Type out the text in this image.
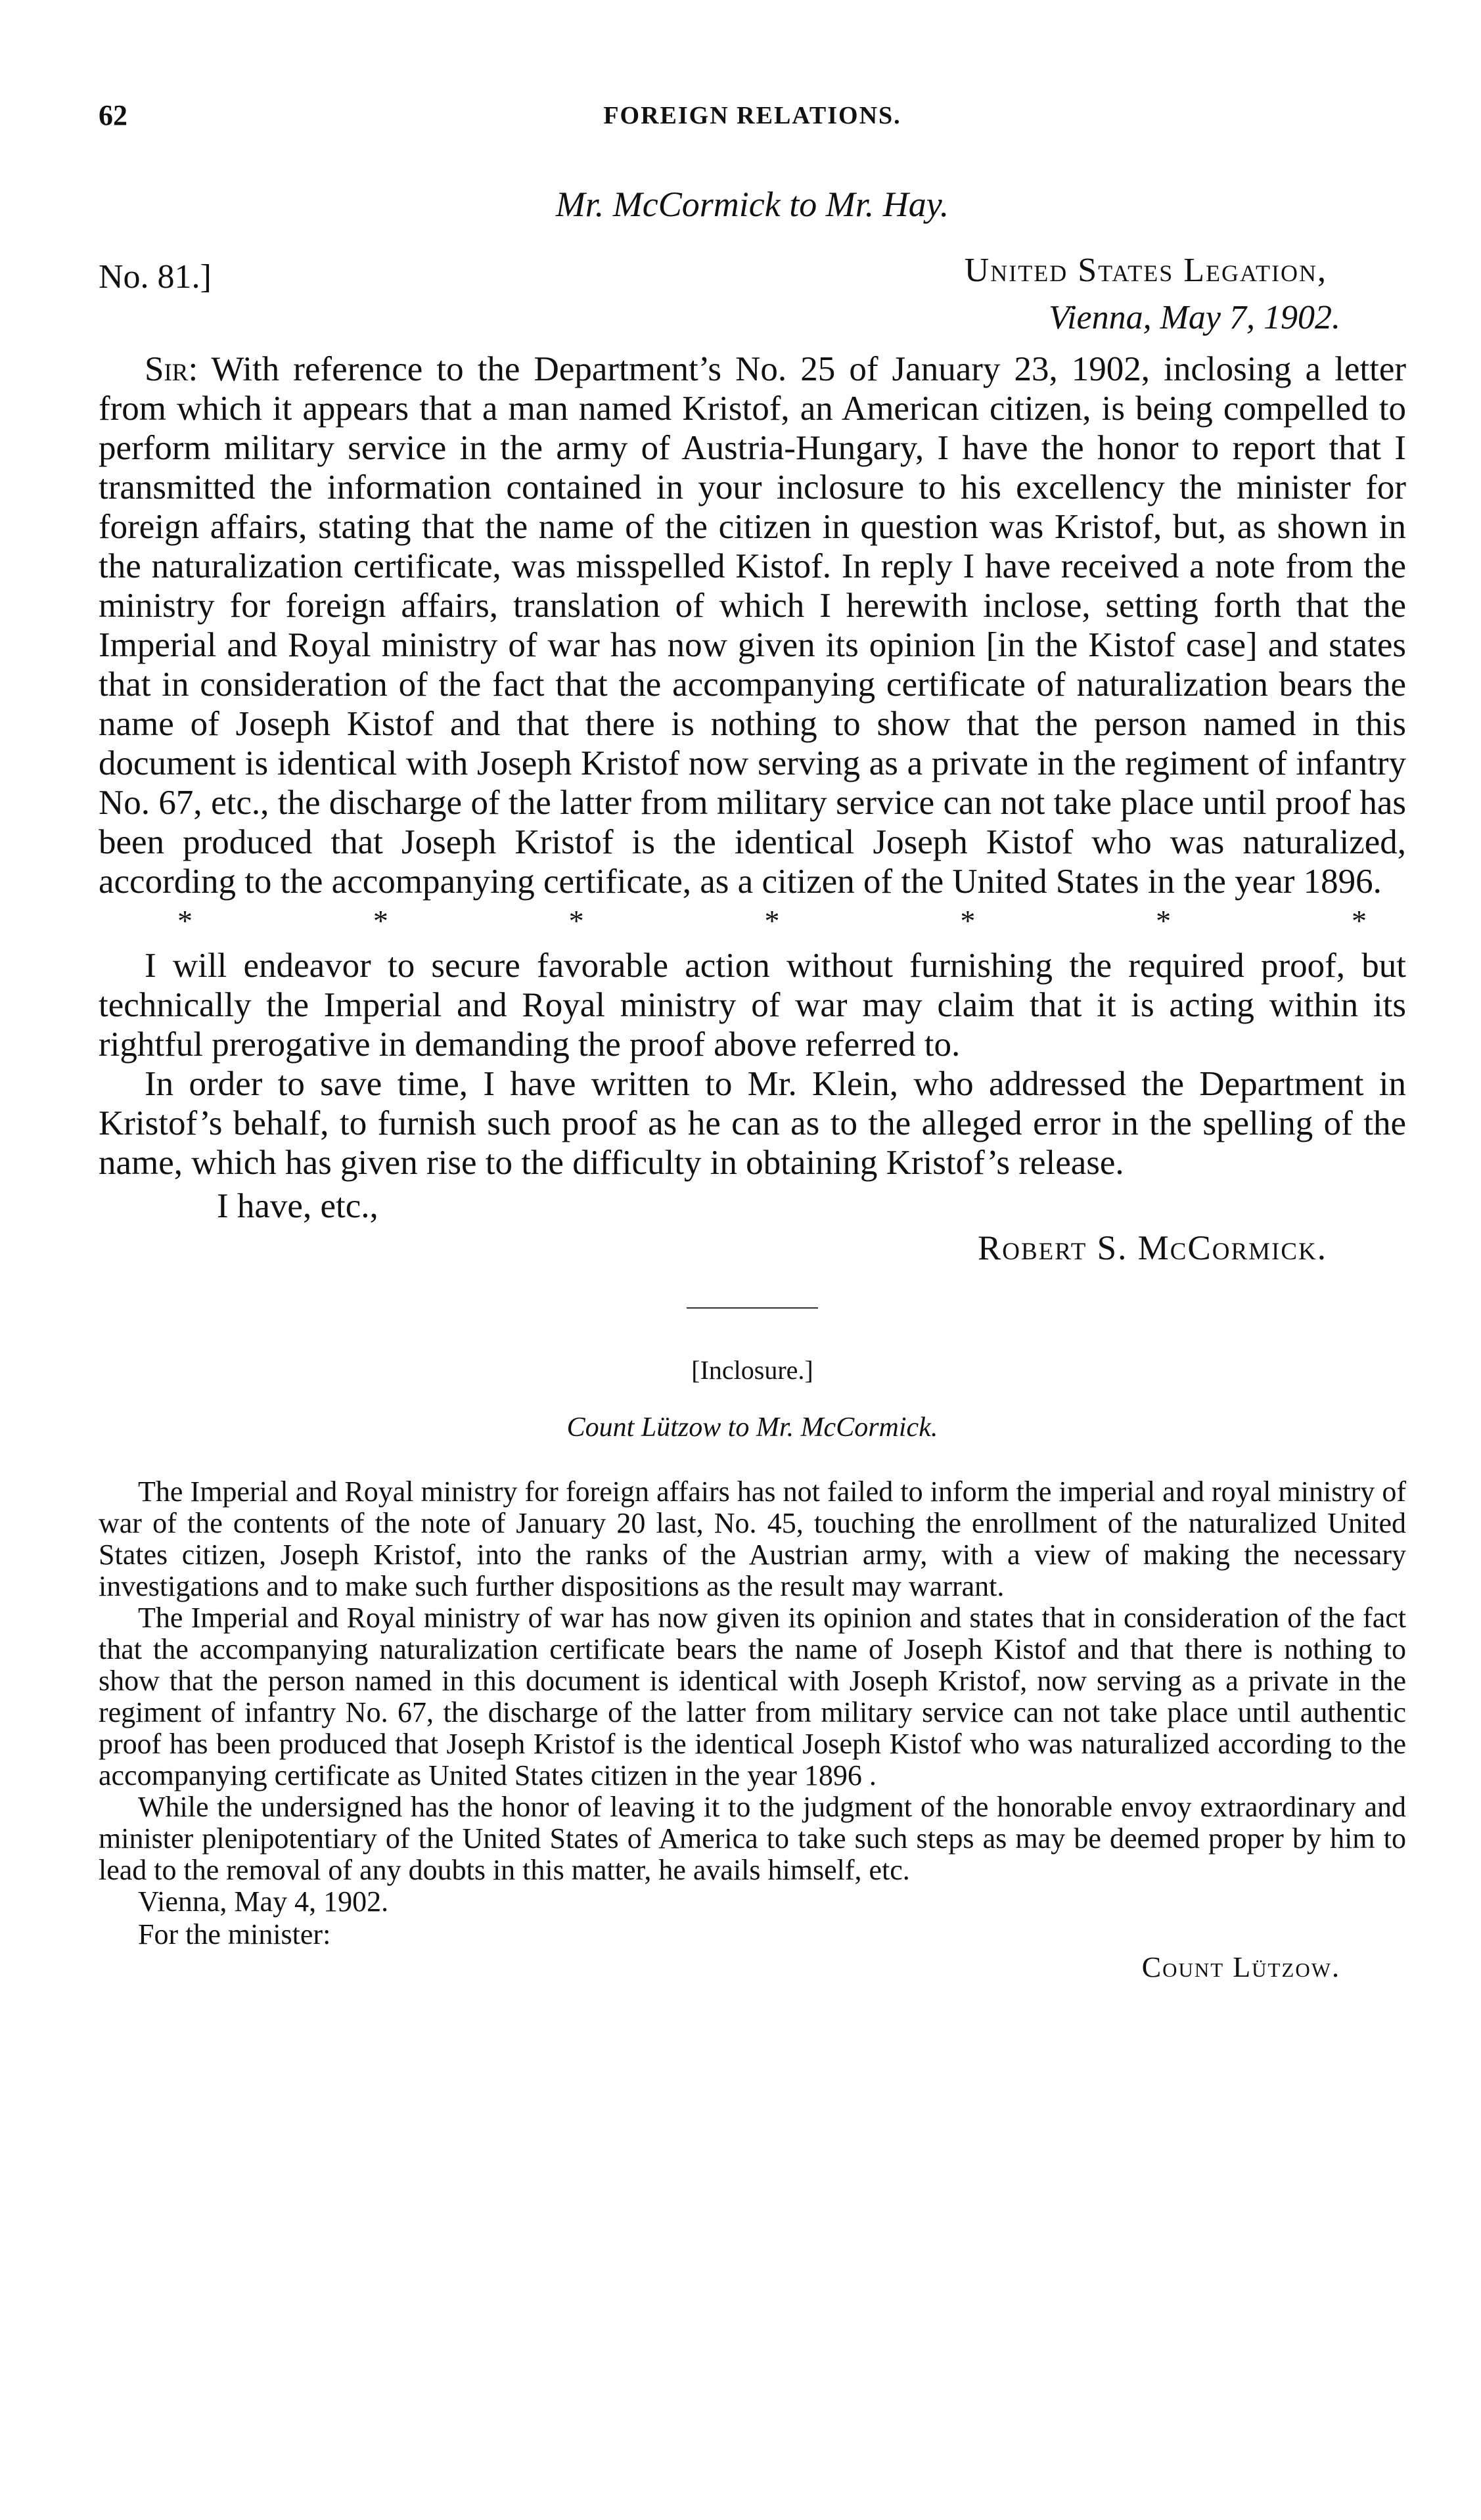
62	FOREIGN RELATIONS.
Mr. McCormick to Mr. Hay.
No. 81.]	United States Legation,
Vienna, May 7, 1902.

Sir: With reference to the Department’s No. 25 of January 23, 1902, inclosing a letter from which it appears that a man named Kristof, an American citizen, is being compelled to perform military service in the army of Austria-Hungary, I have the honor to report that I transmitted the information contained in your inclosure to his excellency the minister for foreign affairs, stating that the name of the citizen in question was Kristof, but, as shown in the naturalization certificate, was misspelled Kistof. In reply I have received a note from the ministry for foreign affairs, translation of which I herewith inclose, setting forth that the Imperial and Royal ministry of war has now given its opinion [in the Kistof case] and states that in consideration of the fact that the accompanying certificate of naturalization bears the name of Joseph Kistof and that there is nothing to show that the person named in this document is identical with Joseph Kristof now serving as a private in the regiment of infantry No. 67, etc., the discharge of the latter from military service can not take place until proof has been produced that Joseph Kristof is the identical Joseph Kistof who was naturalized, according to the accompanying certificate, as a citizen of the United States in the year 1896.

*	*	*	*	*	*	*

I will endeavor to secure favorable action without furnishing the required proof, but technically the Imperial and Royal ministry of war may claim that it is acting within its rightful prerogative in demanding the proof above referred to.

In order to save time, I have written to Mr. Klein, who addressed the Department in Kristof’s behalf, to furnish such proof as he can as to the alleged error in the spelling of the name, which has given rise to the difficulty in obtaining Kristof’s release.

I have, etc.,
Robert S. McCormick.
[Inclosure.]
Count Lützow to Mr. McCormick.

The Imperial and Royal ministry for foreign affairs has not failed to inform the imperial and royal ministry of war of the contents of the note of January 20 last, No. 45, touching the enrollment of the naturalized United States citizen, Joseph Kristof, into the ranks of the Austrian army, with a view of making the necessary investigations and to make such further dispositions as the result may warrant.

The Imperial and Royal ministry of war has now given its opinion and states that in consideration of the fact that the accompanying naturalization certificate bears the name of Joseph Kistof and that there is nothing to show that the person named in this document is identical with Joseph Kristof, now serving as a private in the regiment of infantry No. 67, the discharge of the latter from military service can not take place until authentic proof has been produced that Joseph Kristof is the identical Joseph Kistof who was naturalized according to the accompanying certificate as United States citizen in the year 1896 .

While the undersigned has the honor of leaving it to the judgment of the honorable envoy extraordinary and minister plenipotentiary of the United States of America to take such steps as may be deemed proper by him to lead to the removal of any doubts in this matter, he avails himself, etc.

Vienna, May 4, 1902.
For the minister:
Count Lützow.
